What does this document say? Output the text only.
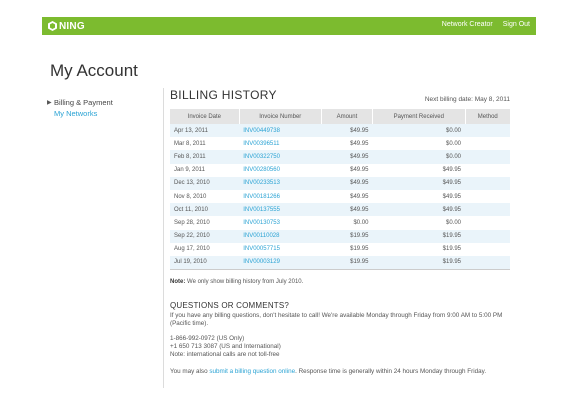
NING	Network Creator Sign Out
My Account
▶ Billing & Payment
My Networks
BILLING HISTORY	Next billing date: May 8, 2011
Invoice Date	Invoice Number	Amount	Payment Received	Method
Apr 13, 2011	INV00449738	$49.95	$0.00	
Mar 8, 2011	INV00396511	$49.95	$0.00	
Feb 8, 2011	INV00322750	$49.95	$0.00	
Jan 9, 2011	INV00280560	$49.95	$49.95	
Dec 13, 2010	INV00233513	$49.95	$49.95	
Nov 8, 2010	INV00181266	$49.95	$49.95	
Oct 11, 2010	INV00137555	$49.95	$49.95	
Sep 28, 2010	INV00130753	$0.00	$0.00	
Sep 22, 2010	INV00110028	$19.95	$19.95	
Aug 17, 2010	INV00057715	$19.95	$19.95	
Jul 19, 2010	INV00003129	$19.95	$19.95	
Note: We only show billing history from July 2010.
QUESTIONS OR COMMENTS?
If you have any billing questions, don't hesitate to call! We're available Monday through Friday from 9:00 AM to 5:00 PM (Pacific time).
1-866-992-0972 (US Only)
+1 650 713 3087 (US and International)
Note: international calls are not toll-free
You may also submit a billing question online. Response time is generally within 24 hours Monday through Friday.
